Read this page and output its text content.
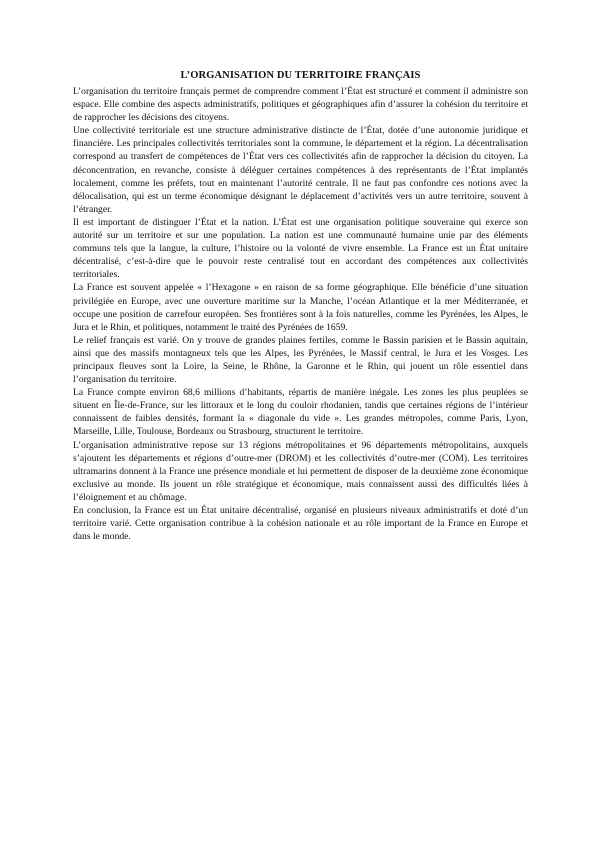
L’ORGANISATION DU TERRITOIRE FRANÇAIS

L’organisation du territoire français permet de comprendre comment l’État est structuré et comment il administre son espace. Elle combine des aspects administratifs, politiques et géographiques afin d’assurer la cohésion du territoire et de rapprocher les décisions des citoyens.

Une collectivité territoriale est une structure administrative distincte de l’État, dotée d’une autonomie juridique et financière. Les principales collectivités territoriales sont la commune, le département et la région. La décentralisation correspond au transfert de compétences de l’État vers ces collectivités afin de rapprocher la décision du citoyen. La déconcentration, en revanche, consiste à déléguer certaines compétences à des représentants de l’État implantés localement, comme les préfets, tout en maintenant l’autorité centrale. Il ne faut pas confondre ces notions avec la délocalisation, qui est un terme économique désignant le déplacement d’activités vers un autre territoire, souvent à l’étranger.

Il est important de distinguer l’État et la nation. L’État est une organisation politique souveraine qui exerce son autorité sur un territoire et sur une population. La nation est une communauté humaine unie par des éléments communs tels que la langue, la culture, l’histoire ou la volonté de vivre ensemble. La France est un État unitaire décentralisé, c’est-à-dire que le pouvoir reste centralisé tout en accordant des compétences aux collectivités territoriales.

La France est souvent appelée « l’Hexagone » en raison de sa forme géographique. Elle bénéficie d’une situation privilégiée en Europe, avec une ouverture maritime sur la Manche, l’océan Atlantique et la mer Méditerranée, et occupe une position de carrefour européen. Ses frontières sont à la fois naturelles, comme les Pyrénées, les Alpes, le Jura et le Rhin, et politiques, notamment le traité des Pyrénées de 1659.

Le relief français est varié. On y trouve de grandes plaines fertiles, comme le Bassin parisien et le Bassin aquitain, ainsi que des massifs montagneux tels que les Alpes, les Pyrénées, le Massif central, le Jura et les Vosges. Les principaux fleuves sont la Loire, la Seine, le Rhône, la Garonne et le Rhin, qui jouent un rôle essentiel dans l’organisation du territoire.

La France compte environ 68,6 millions d’habitants, répartis de manière inégale. Les zones les plus peuplées se situent en Île-de-France, sur les littoraux et le long du couloir rhodanien, tandis que certaines régions de l’intérieur connaissent de faibles densités, formant la « diagonale du vide ». Les grandes métropoles, comme Paris, Lyon, Marseille, Lille, Toulouse, Bordeaux ou Strasbourg, structurent le territoire.

L’organisation administrative repose sur 13 régions métropolitaines et 96 départements métropolitains, auxquels s’ajoutent les départements et régions d’outre-mer (DROM) et les collectivités d’outre-mer (COM). Les territoires ultramarins donnent à la France une présence mondiale et lui permettent de disposer de la deuxième zone économique exclusive au monde. Ils jouent un rôle stratégique et économique, mais connaissent aussi des difficultés liées à l’éloignement et au chômage.

En conclusion, la France est un État unitaire décentralisé, organisé en plusieurs niveaux administratifs et doté d’un territoire varié. Cette organisation contribue à la cohésion nationale et au rôle important de la France en Europe et dans le monde.
